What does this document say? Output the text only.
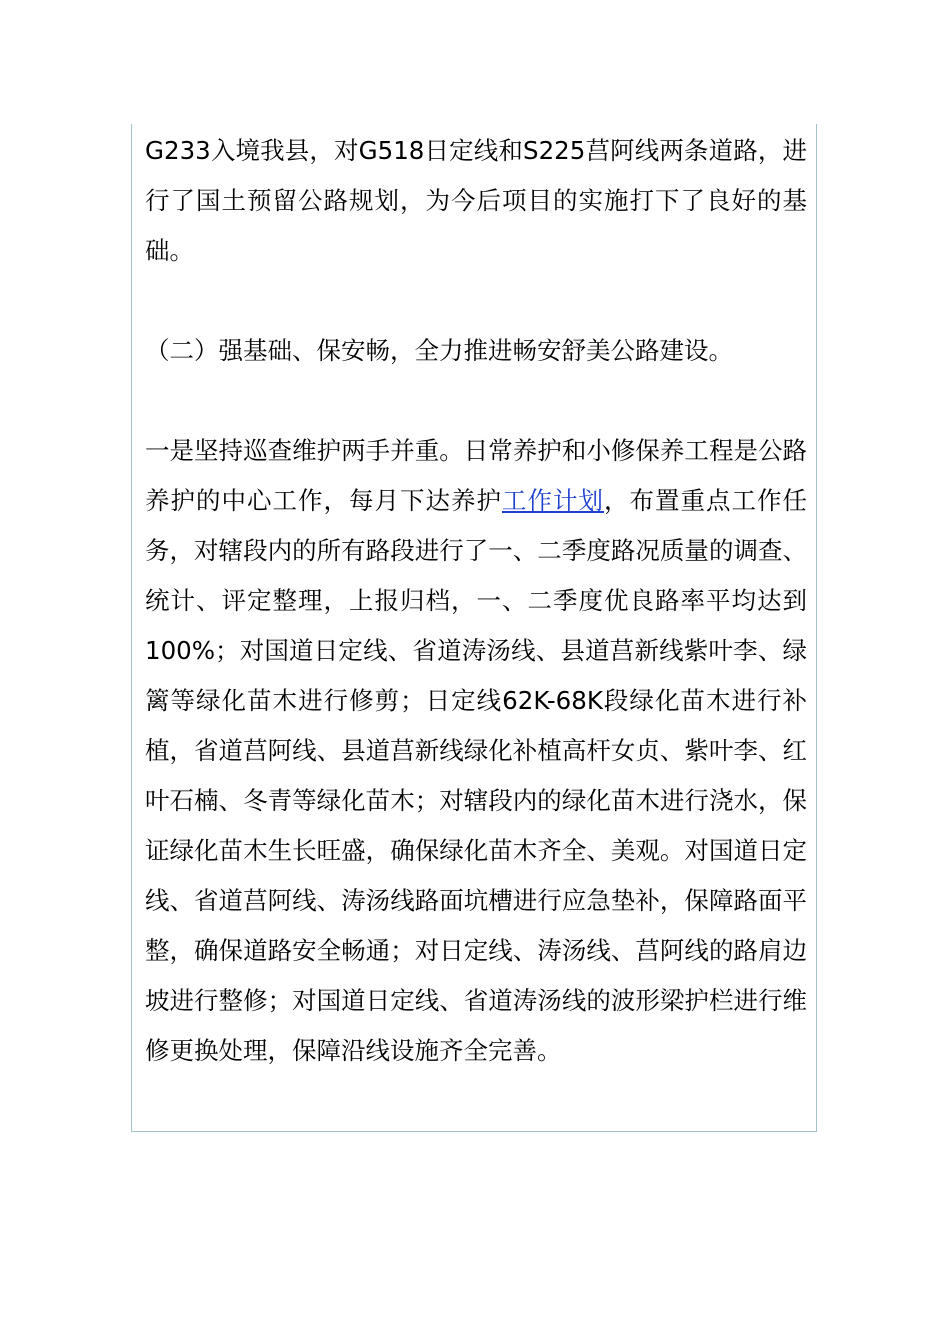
G233入境我县，对G518日定线和S225莒阿线两条道路，进行了国土预留公路规划，为今后项目的实施打下了良好的基础。

（二）强基础、保安畅，全力推进畅安舒美公路建设。

一是坚持巡查维护两手并重。日常养护和小修保养工程是公路养护的中心工作，每月下达养护工作计划，布置重点工作任务，对辖段内的所有路段进行了一、二季度路况质量的调查、统计、评定整理，上报归档，一、二季度优良路率平均达到100%；对国道日定线、省道涛汤线、县道莒新线紫叶李、绿篱等绿化苗木进行修剪；日定线62K-68K段绿化苗木进行补植，省道莒阿线、县道莒新线绿化补植高杆女贞、紫叶李、红叶石楠、冬青等绿化苗木；对辖段内的绿化苗木进行浇水，保证绿化苗木生长旺盛，确保绿化苗木齐全、美观。对国道日定线、省道莒阿线、涛汤线路面坑槽进行应急垫补，保障路面平整，确保道路安全畅通；对日定线、涛汤线、莒阿线的路肩边坡进行整修；对国道日定线、省道涛汤线的波形梁护栏进行维修更换处理，保障沿线设施齐全完善。
